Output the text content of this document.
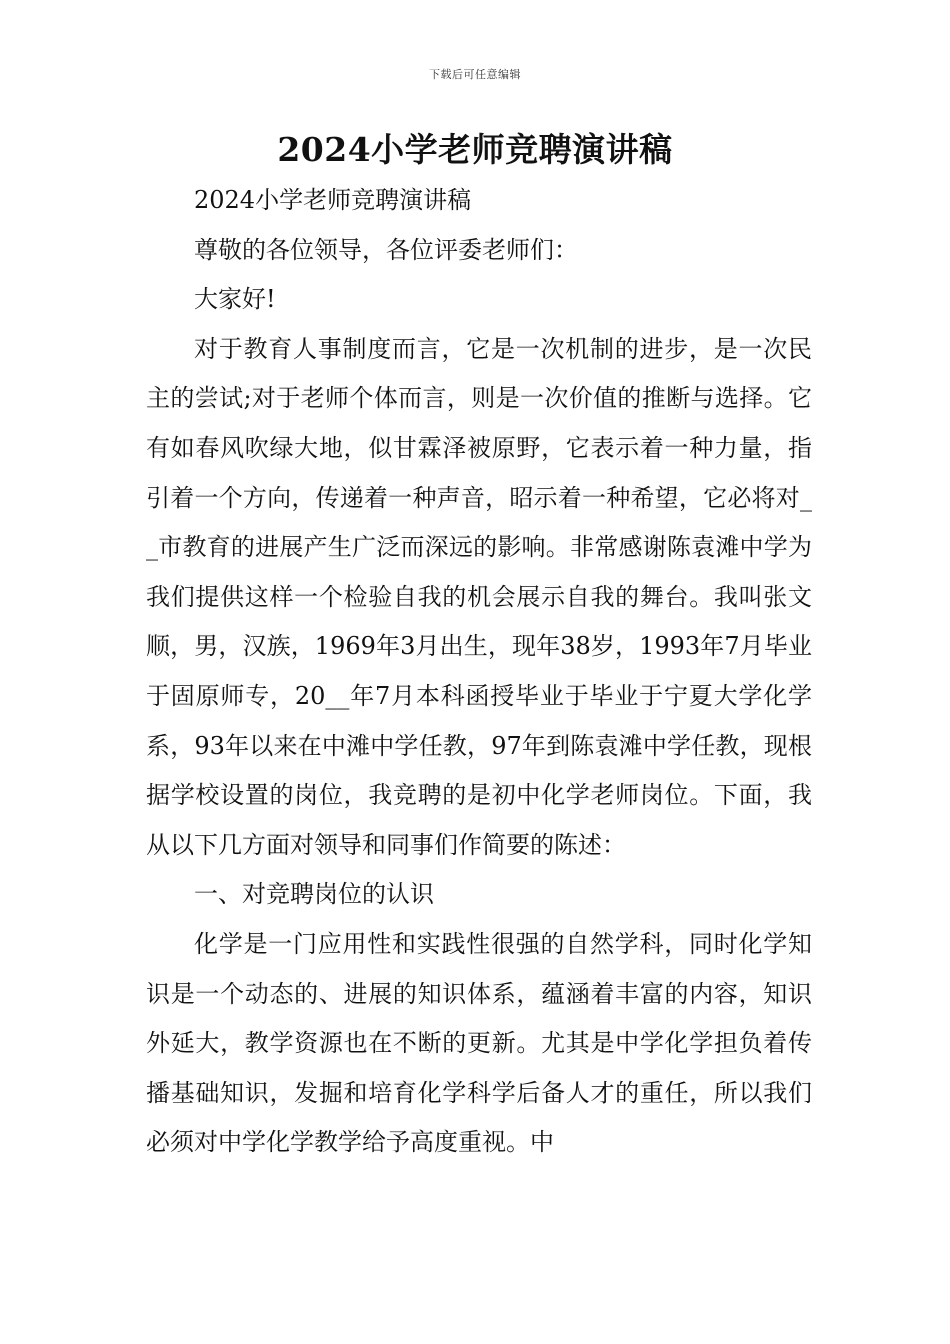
下载后可任意编辑
2024小学老师竞聘演讲稿

2024小学老师竞聘演讲稿

尊敬的各位领导，各位评委老师们：

大家好!

对于教育人事制度而言，它是一次机制的进步，是一次民主的尝试;对于老师个体而言，则是一次价值的推断与选择。它有如春风吹绿大地，似甘霖泽被原野，它表示着一种力量，指引着一个方向，传递着一种声音，昭示着一种希望，它必将对__市教育的进展产生广泛而深远的影响。非常感谢陈袁滩中学为我们提供这样一个检验自我的机会展示自我的舞台。我叫张文顺，男，汉族，1969年3月出生，现年38岁，1993年7月毕业于固原师专，20__年7月本科函授毕业于毕业于宁夏大学化学系，93年以来在中滩中学任教，97年到陈袁滩中学任教，现根据学校设置的岗位，我竞聘的是初中化学老师岗位。下面，我从以下几方面对领导和同事们作简要的陈述：

一、对竞聘岗位的认识

化学是一门应用性和实践性很强的自然学科，同时化学知识是一个动态的、进展的知识体系，蕴涵着丰富的内容，知识外延大，教学资源也在不断的更新。尤其是中学化学担负着传播基础知识，发掘和培育化学科学后备人才的重任，所以我们必须对中学化学教学给予高度重视。中
